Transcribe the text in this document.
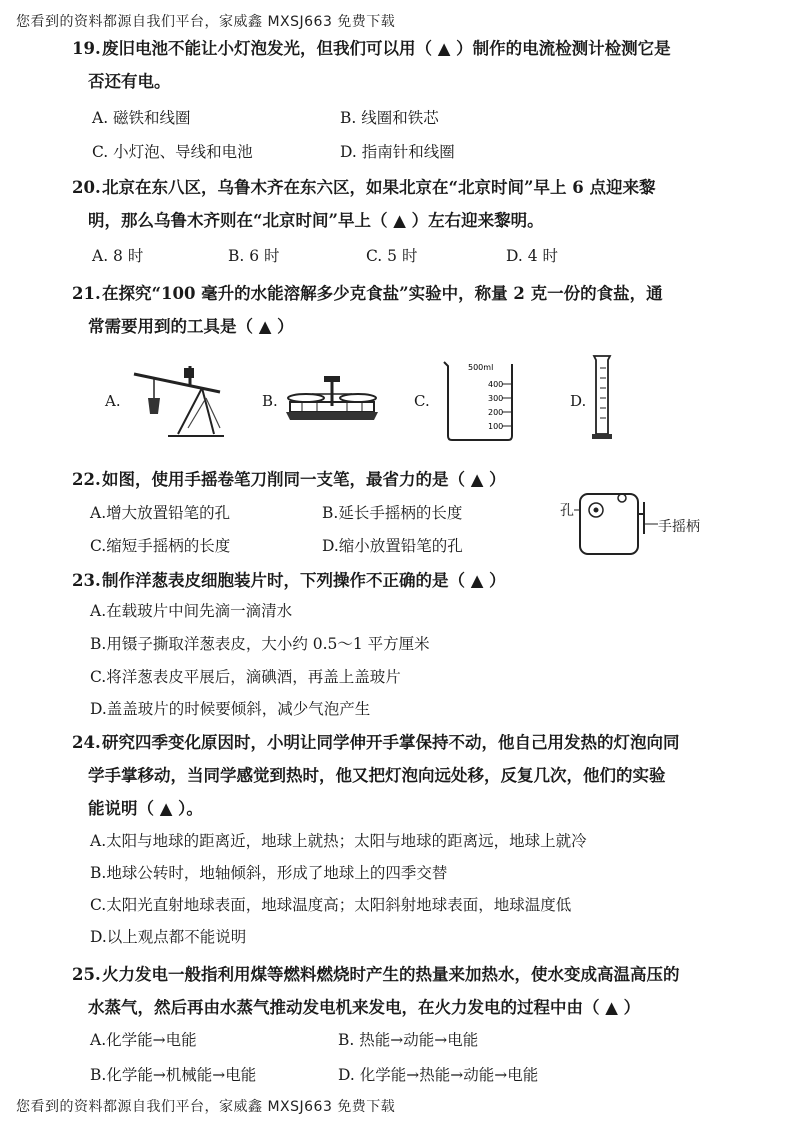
您看到的资料都源自我们平台，家威鑫 MXSJ663 免费下载
19.废旧电池不能让小灯泡发光，但我们可以用（ ▲ ）制作的电流检测计检测它是
否还有电。
A. 磁铁和线圈	B. 线圈和铁芯
C. 小灯泡、导线和电池	D. 指南针和线圈
20.北京在东八区，乌鲁木齐在东六区，如果北京在“北京时间”早上 6 点迎来黎
明，那么乌鲁木齐则在“北京时间”早上（ ▲ ）左右迎来黎明。
A. 8 时	B. 6 时	C. 5 时	D. 4 时
21.在探究“100 毫升的水能溶解多少克食盐”实验中，称量 2 克一份的食盐，通
常需要用到的工具是（ ▲ ）
A.	B.	C.
500ml
400
300
200
100
D.
22.如图，使用手摇卷笔刀削同一支笔，最省力的是（ ▲ ）
A.增大放置铅笔的孔	B.延长手摇柄的长度
C.缩短手摇柄的长度	D.缩小放置铅笔的孔
孔
手摇柄
23.制作洋葱表皮细胞装片时，下列操作不正确的是（ ▲ ）
A.在载玻片中间先滴一滴清水
B.用镊子撕取洋葱表皮，大小约 0.5～1 平方厘米
C.将洋葱表皮平展后，滴碘酒，再盖上盖玻片
D.盖盖玻片的时候要倾斜，减少气泡产生
24.研究四季变化原因时，小明让同学伸开手掌保持不动，他自己用发热的灯泡向同
学手掌移动，当同学感觉到热时，他又把灯泡向远处移，反复几次，他们的实验
能说明（ ▲ ）。
A.太阳与地球的距离近，地球上就热；太阳与地球的距离远，地球上就冷
B.地球公转时，地轴倾斜，形成了地球上的四季交替
C.太阳光直射地球表面，地球温度高；太阳斜射地球表面，地球温度低
D.以上观点都不能说明
25.火力发电一般指利用煤等燃料燃烧时产生的热量来加热水，使水变成高温高压的
水蒸气，然后再由水蒸气推动发电机来发电，在火力发电的过程中由（ ▲ ）
A.化学能→电能	B. 热能→动能→电能
B.化学能→机械能→电能	D. 化学能→热能→动能→电能
您看到的资料都源自我们平台，家威鑫 MXSJ663 免费下载
